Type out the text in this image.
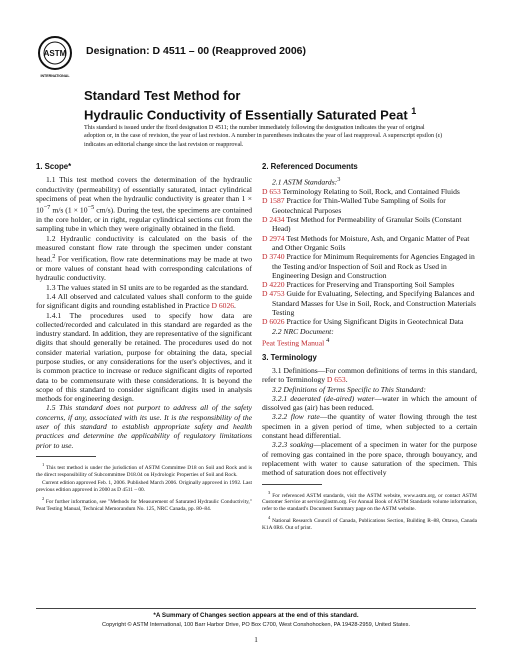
ASTM
INTERNATIONAL
Designation: D 4511 – 00 (Reapproved 2006)
Standard Test Method for
Hydraulic Conductivity of Essentially Saturated Peat $^1$
This standard is issued under the fixed designation D 4511; the number immediately following the designation indicates the year of original adoption or, in the case of revision, the year of last revision. A number in parentheses indicates the year of last reapproval. A superscript epsilon (ε) indicates an editorial change since the last revision or reapproval.
1. Scope*

1.1 This test method covers the determination of the hydraulic conductivity (permeability) of essentially saturated, intact cylindrical specimens of peat when the hydraulic conductivity is greater than $1 \times 10^{-7}$ m/s ($1 \times 10^{-5}$ cm/s). During the test, the specimens are contained in the core holder, or in right, regular cylindrical sections cut from the sampling tube in which they were originally obtained in the field.

1.2 Hydraulic conductivity is calculated on the basis of the measured constant flow rate through the specimen under constant head.$^2$ For verification, flow rate determinations may be made at two or more values of constant head with corresponding calculations of hydraulic conductivity.

1.3 The values stated in SI units are to be regarded as the standard.

1.4 All observed and calculated values shall conform to the guide for significant digits and rounding established in Practice D 6026.

1.4.1 The procedures used to specify how data are collected/recorded and calculated in this standard are regarded as the industry standard. In addition, they are representative of the significant digits that should generally be retained. The procedures used do not consider material variation, purpose for obtaining the data, special purpose studies, or any considerations for the user's objectives, and it is common practice to increase or reduce significant digits of reported data to be commensurate with these considerations. It is beyond the scope of this standard to consider significant digits used in analysis methods for engineering design.

1.5 This standard does not purport to address all of the safety concerns, if any, associated with its use. It is the responsibility of the user of this standard to establish appropriate safety and health practices and determine the applicability of regulatory limitations prior to use.

$^1$ This test method is under the jurisdiction of ASTM Committee D18 on Soil and Rock and is the direct responsibility of Subcommittee D18.04 on Hydrologic Properties of Soil and Rock.

Current edition approved Feb. 1, 2006. Published March 2006. Originally approved in 1992. Last previous edition approved in 2000 as D 4511 – 00.

$^2$ For further information, see "Methods for Measurement of Saturated Hydraulic Conductivity," Peat Testing Manual, Technical Memorandum No. 125, NRC Canada, pp. 80–84.

2. Referenced Documents

2.1 ASTM Standards:$^3$

D 653 Terminology Relating to Soil, Rock, and Contained Fluids

D 1587 Practice for Thin-Walled Tube Sampling of Soils for Geotechnical Purposes

D 2434 Test Method for Permeability of Granular Soils (Constant Head)

D 2974 Test Methods for Moisture, Ash, and Organic Matter of Peat and Other Organic Soils

D 3740 Practice for Minimum Requirements for Agencies Engaged in the Testing and/or Inspection of Soil and Rock as Used in Engineering Design and Construction

D 4220 Practices for Preserving and Transporting Soil Samples

D 4753 Guide for Evaluating, Selecting, and Specifying Balances and Standard Masses for Use in Soil, Rock, and Construction Materials Testing

D 6026 Practice for Using Significant Digits in Geotechnical Data

2.2 NRC Document:

Peat Testing Manual $^4$

3. Terminology

3.1 Definitions—For common definitions of terms in this standard, refer to Terminology D 653.

3.2 Definitions of Terms Specific to This Standard:

3.2.1 deaerated (de-aired) water—water in which the amount of dissolved gas (air) has been reduced.

3.2.2 flow rate—the quantity of water flowing through the test specimen in a given period of time, when subjected to a certain constant head differential.

3.2.3 soaking—placement of a specimen in water for the purpose of removing gas contained in the pore space, through bouyancy, and replacement with water to cause saturation of the specimen. This method of saturation does not effectively

$^3$ For referenced ASTM standards, visit the ASTM website, www.astm.org, or contact ASTM Customer Service at service@astm.org. For Annual Book of ASTM Standards volume information, refer to the standard's Document Summary page on the ASTM website.

$^4$ National Research Council of Canada, Publications Section, Building R–88, Ottawa, Canada K1A 0R6. Out of print.

*A Summary of Changes section appears at the end of this standard.
Copyright © ASTM International, 100 Barr Harbor Drive, PO Box C700, West Conshohocken, PA 19428-2959, United States.
1
